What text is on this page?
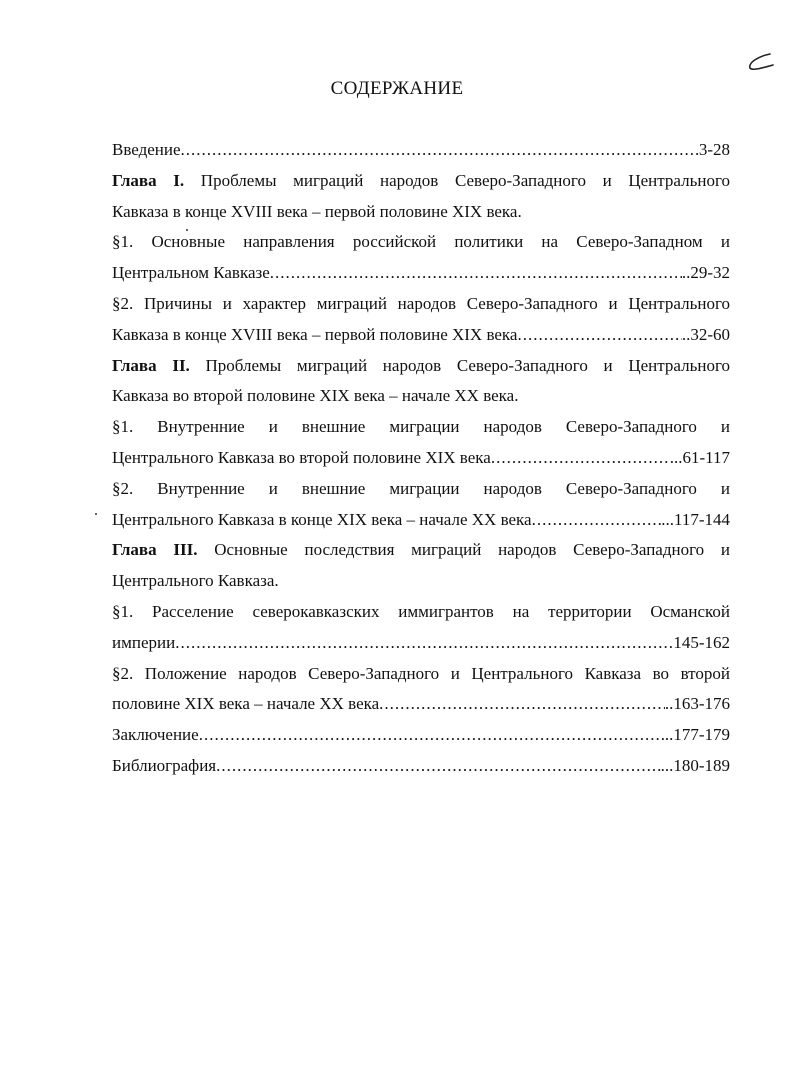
СОДЕРЖАНИЕ
Введение .....	3-28
Глава I. Проблемы миграций народов Северо-Западного и Центрального
Кавказа в конце XVIII века – первой половине XIX века.
§1. Основные направления российской политики на Северо-Западном и
Центральном Кавказе .....	..29-32
§2. Причины и характер миграций народов Северо-Западного и Центрального
Кавказа в конце XVIII века – первой половине XIX века .....	..32-60
Глава II. Проблемы миграций народов Северо-Западного и Центрального
Кавказа во второй половине XIX века – начале XX века.
§1. Внутренние и внешние миграции народов Северо-Западного и
Центрального Кавказа во второй половине XIX века .....	...61-117
§2. Внутренние и внешние миграции народов Северо-Западного и
Центрального Кавказа в конце XIX века – начале XX века .....	...117-144
Глава III. Основные последствия миграций народов Северо-Западного и
Центрального Кавказа.
§1. Расселение северокавказских иммигрантов на территории Османской
империи .....	145-162
§2. Положение народов Северо-Западного и Центрального Кавказа во второй
половине XIX века – начале XX века .....	..163-176
Заключение .....	..177-179
Библиография .....	...180-189
